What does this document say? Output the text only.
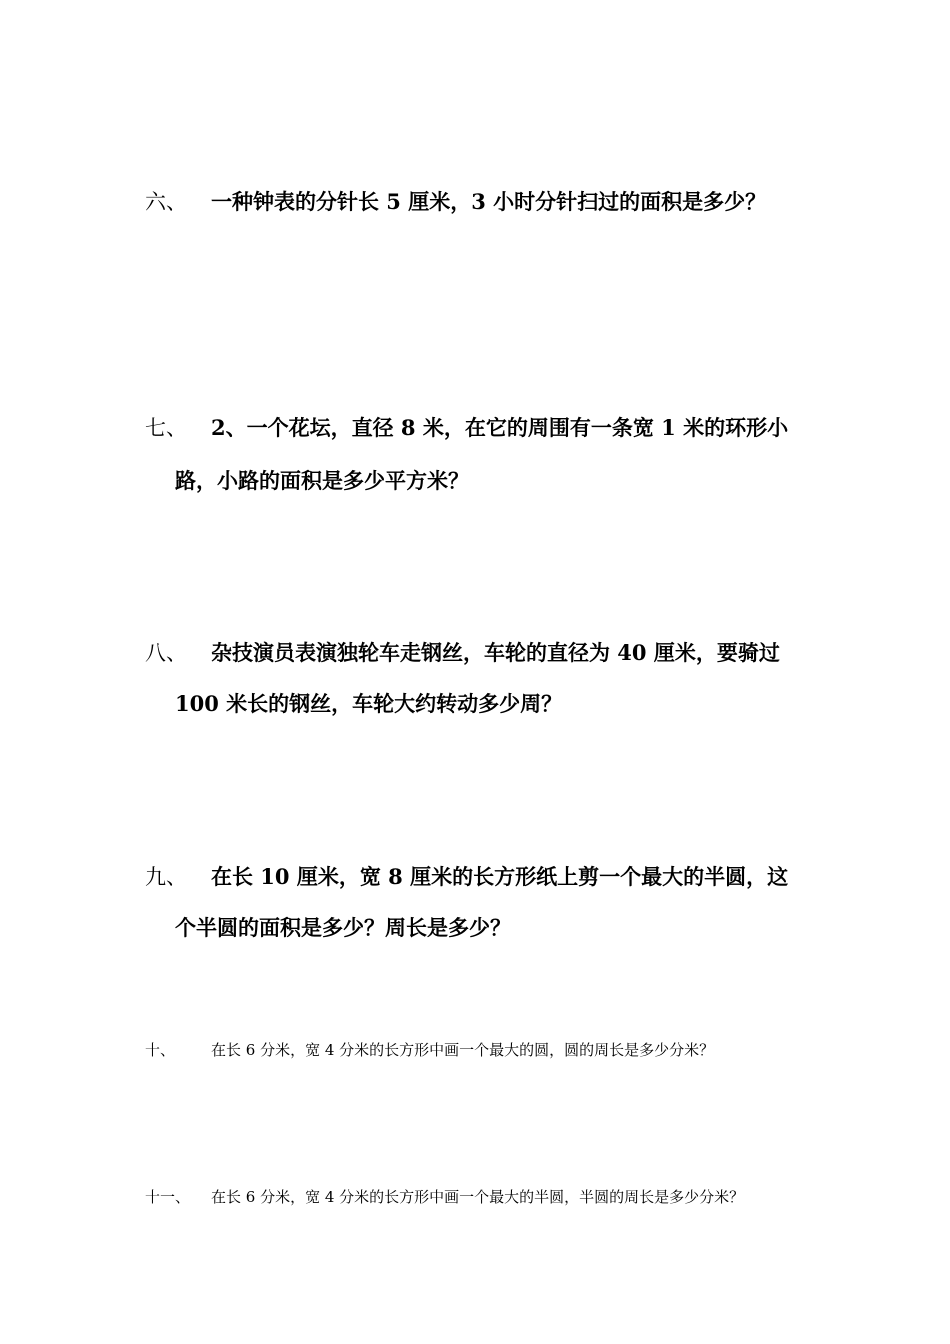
六、 一种钟表的分针长 5 厘米，3 小时分针扫过的面积是多少？
七、 2、一个花坛，直径 8 米，在它的周围有一条宽 1 米的环形小
路，小路的面积是多少平方米？
八、 杂技演员表演独轮车走钢丝，车轮的直径为 40 厘米，要骑过
100 米长的钢丝，车轮大约转动多少周？
九、 在长 10 厘米，宽 8 厘米的长方形纸上剪一个最大的半圆，这
个半圆的面积是多少？周长是多少？
十、 在长 6 分米，宽 4 分米的长方形中画一个最大的圆，圆的周长是多少分米？
十一、 在长 6 分米，宽 4 分米的长方形中画一个最大的半圆，半圆的周长是多少分米？
